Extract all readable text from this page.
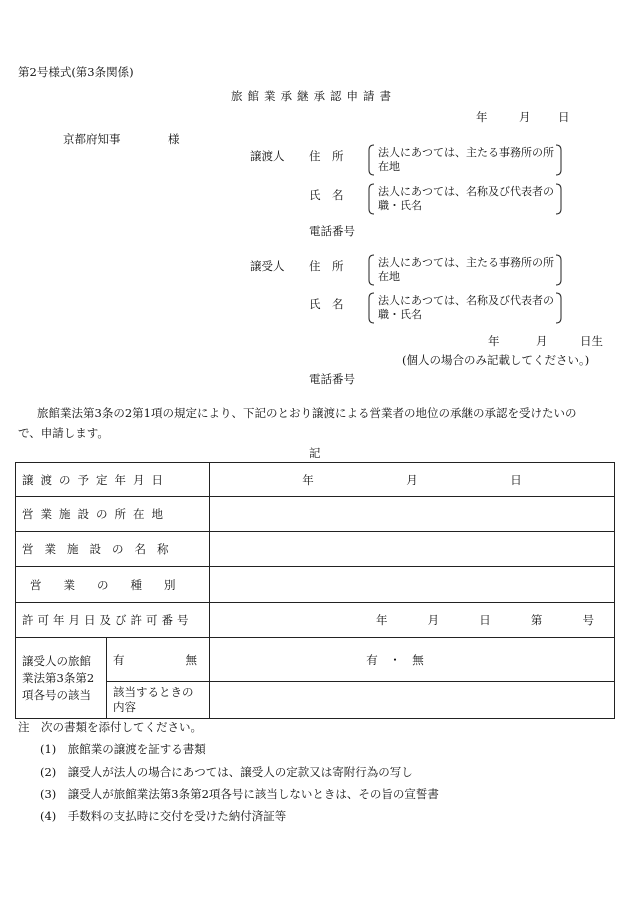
第2号様式(第3条関係)
旅館業承継承認申請書
年	月 日
京都府知事	様
譲渡人 住　所	法人にあつては、主たる事務所の所在地
氏　名	法人にあつては、名称及び代表者の職・氏名
電話番号
譲受人 住　所	法人にあつては、主たる事務所の所在地
氏　名	法人にあつては、名称及び代表者の職・氏名
年	月	日生
(個人の場合のみ記載してください。)
電話番号
旅館業法第3条の2第1項の規定により、下記のとおり譲渡による営業者の地位の承継の承認を受けたいの
で、申請します。
記
譲渡の予定年月日		年 月 日

営業施設の所在地		
営業施設の名称		
営業の種別		
許可年月日及び許可番号		年 月 日 第 号

譲受人の旅館業法第3条第2項各号の該当	有 無	有　・　無
	該当するときの内容	
注　次の書類を添付してください。
(1)　 旅館業の譲渡を証する書類
(2)　 譲受人が法人の場合にあつては、譲受人の定款又は寄附行為の写し
(3)　 譲受人が旅館業法第3条第2項各号に該当しないときは、その旨の宣誓書
(4)　 手数料の支払時に交付を受けた納付済証等
